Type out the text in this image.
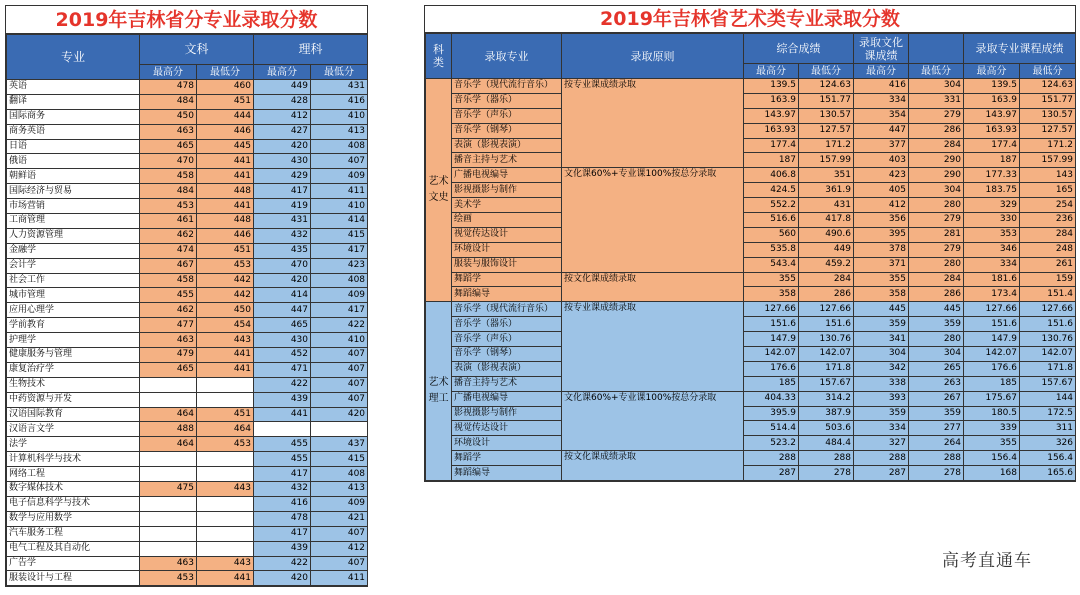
2019年吉林省分专业录取分数
专业	文科		理科	
	最高分	最低分	最高分	最低分
英语	478	460	449	431
翻译	484	451	428	416
国际商务	450	444	412	410
商务英语	463	446	427	413
日语	465	445	420	408
俄语	470	441	430	407
朝鲜语	458	441	429	409
国际经济与贸易	484	448	417	411
市场营销	453	441	419	410
工商管理	461	448	431	414
人力资源管理	462	446	432	415
金融学	474	451	435	417
会计学	467	453	470	423
社会工作	458	442	420	408
城市管理	455	442	414	409
应用心理学	462	450	447	417
学前教育	477	454	465	422
护理学	463	443	430	410
健康服务与管理	479	441	452	407
康复治疗学	465	441	471	407
生物技术			422	407
中药资源与开发			439	407
汉语国际教育	464	451	441	420
汉语言文学	488	464		
法学	464	453	455	437
计算机科学与技术			455	415
网络工程			417	408
数字媒体技术	475	443	432	413
电子信息科学与技术			416	409
数学与应用数学			478	421
汽车服务工程			417	407
电气工程及其自动化			439	412
广告学	463	443	422	407
服装设计与工程	453	441	420	411
2019年吉林省艺术类专业录取分数
科类	录取专业	录取原则	综合成绩		录取文化课成绩		录取专业课程成绩	
			最高分	最低分	最高分	最低分	最高分	最低分
艺术文史	音乐学（现代流行音乐）	按专业课成绩录取	139.5	124.63	416	304	139.5	124.63
	音乐学（器乐）		163.9	151.77	334	331	163.9	151.77
	音乐学（声乐）		143.97	130.57	354	279	143.97	130.57
	音乐学（钢琴）		163.93	127.57	447	286	163.93	127.57
	表演（影视表演）		177.4	171.2	377	284	177.4	171.2
	播音主持与艺术		187	157.99	403	290	187	157.99
	广播电视编导	文化课60%+专业课100%按总分录取	406.8	351	423	290	177.33	143
	影视摄影与制作		424.5	361.9	405	304	183.75	165
	美术学		552.2	431	412	280	329	254
	绘画		516.6	417.8	356	279	330	236
	视觉传达设计		560	490.6	395	281	353	284
	环境设计		535.8	449	378	279	346	248
	服装与服饰设计		543.4	459.2	371	280	334	261
	舞蹈学	按文化课成绩录取	355	284	355	284	181.6	159
	舞蹈编导		358	286	358	286	173.4	151.4
艺术理工	音乐学（现代流行音乐）	按专业课成绩录取	127.66	127.66	445	445	127.66	127.66
	音乐学（器乐）		151.6	151.6	359	359	151.6	151.6
	音乐学（声乐）		147.9	130.76	341	280	147.9	130.76
	音乐学（钢琴）		142.07	142.07	304	304	142.07	142.07
	表演（影视表演）		176.6	171.8	342	265	176.6	171.8
	播音主持与艺术		185	157.67	338	263	185	157.67
	广播电视编导	文化课60%+专业课100%按总分录取	404.33	314.2	393	267	175.67	144
	影视摄影与制作		395.9	387.9	359	359	180.5	172.5
	视觉传达设计		514.4	503.6	334	277	339	311
	环境设计		523.2	484.4	327	264	355	326
	舞蹈学	按文化课成绩录取	288	288	288	288	156.4	156.4
	舞蹈编导		287	278	287	278	168	165.6
高考直通车
